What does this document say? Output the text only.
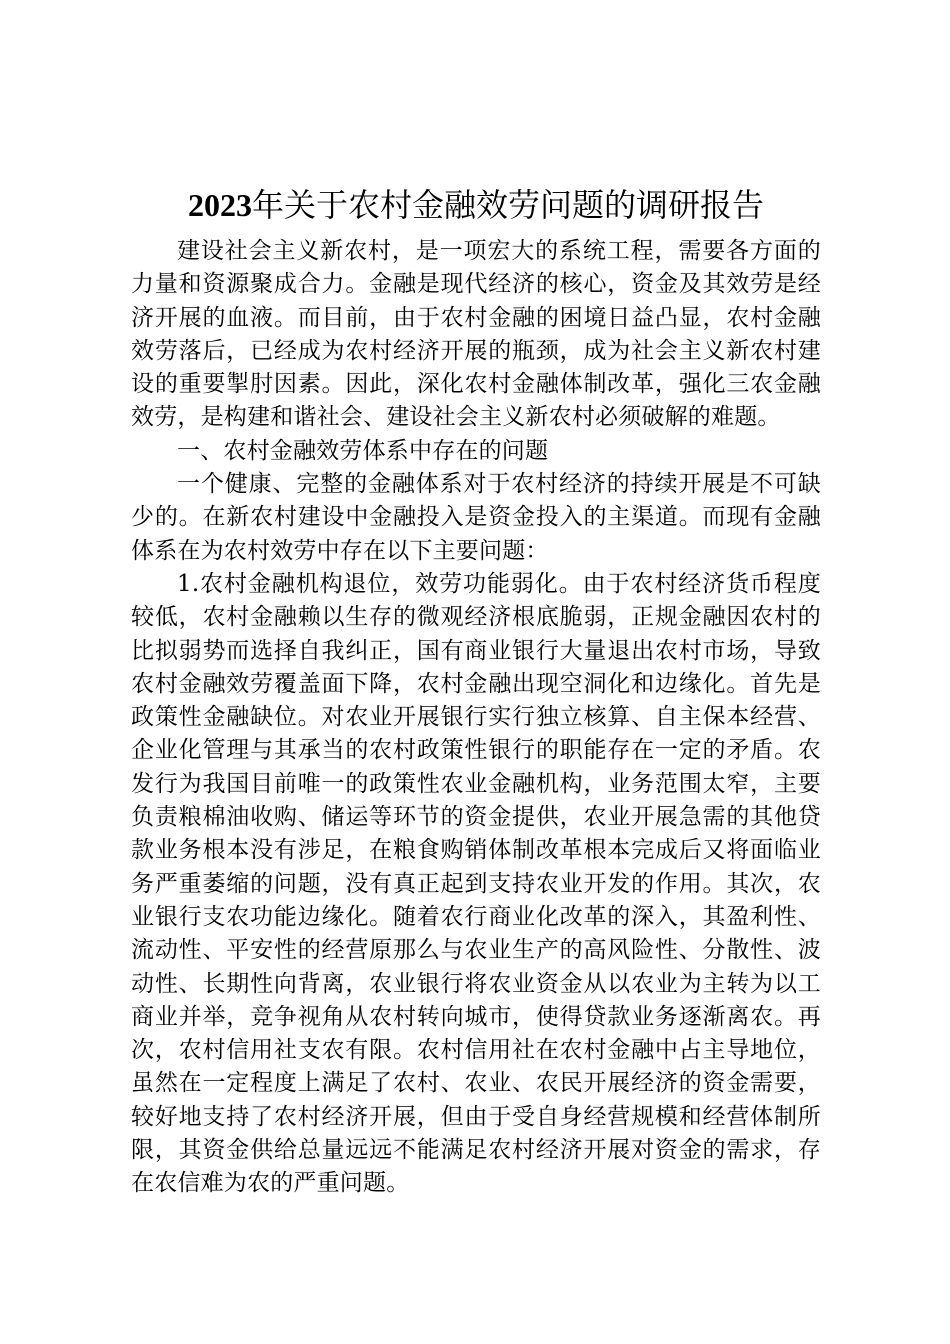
2023年关于农村金融效劳问题的调研报告

建设社会主义新农村，是一项宏大的系统工程，需要各方面的力量和资源聚成合力。金融是现代经济的核心，资金及其效劳是经济开展的血液。而目前，由于农村金融的困境日益凸显，农村金融效劳落后，已经成为农村经济开展的瓶颈，成为社会主义新农村建设的重要掣肘因素。因此，深化农村金融体制改革，强化三农金融效劳，是构建和谐社会、建设社会主义新农村必须破解的难题。

一、农村金融效劳体系中存在的问题

一个健康、完整的金融体系对于农村经济的持续开展是不可缺少的。在新农村建设中金融投入是资金投入的主渠道。而现有金融体系在为农村效劳中存在以下主要问题：

1.农村金融机构退位，效劳功能弱化。由于农村经济货币程度较低，农村金融赖以生存的微观经济根底脆弱，正规金融因农村的比拟弱势而选择自我纠正，国有商业银行大量退出农村市场，导致农村金融效劳覆盖面下降，农村金融出现空洞化和边缘化。首先是政策性金融缺位。对农业开展银行实行独立核算、自主保本经营、企业化管理与其承当的农村政策性银行的职能存在一定的矛盾。农发行为我国目前唯一的政策性农业金融机构，业务范围太窄，主要负责粮棉油收购、储运等环节的资金提供，农业开展急需的其他贷款业务根本没有涉足，在粮食购销体制改革根本完成后又将面临业务严重萎缩的问题，没有真正起到支持农业开发的作用。其次，农业银行支农功能边缘化。随着农行商业化改革的深入，其盈利性、流动性、平安性的经营原那么与农业生产的高风险性、分散性、波动性、长期性向背离，农业银行将农业资金从以农业为主转为以工商业并举，竞争视角从农村转向城市，使得贷款业务逐渐离农。再次，农村信用社支农有限。农村信用社在农村金融中占主导地位，虽然在一定程度上满足了农村、农业、农民开展经济的资金需要，较好地支持了农村经济开展，但由于受自身经营规模和经营体制所限，其资金供给总量远远不能满足农村经济开展对资金的需求，存在农信难为农的严重问题。
